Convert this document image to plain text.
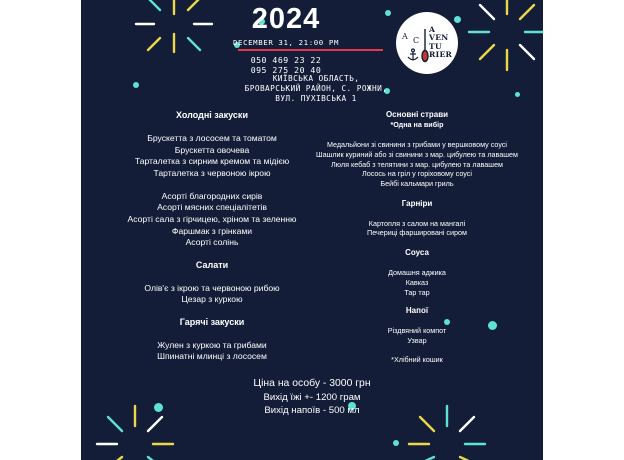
2024
DECEMBER 31, 21:00 PM
050 469 23 22
095 275 20 40
КИЇВСЬКА ОБЛАСТЬ,
БРОВАРСЬКИЙ РАЙОН, С. РОЖНИ,
ВУЛ. ПУХІВСЬКА 1
A C
A
VEN
TU
RIER
Холодні закуски
Брускетта з лососем та томатом
Брускетта овочева
Тарталетка з сирним кремом та мідією
Тарталетка з червоною ікрою
Асорті благородних сирів
Асорті мясних спеціалітетів
Асорті сала з гірчицею, хріном та зеленню
Фаршмак з грінками
Асорті солінь
Салати
Олів'є з ікрою та червоною рибою
Цезар з куркою
Гарячі закуски
Жулен з куркою та грибами
Шпинатні млинці з лососем
Основні страви
*Одна на вибір
Медальйони зі свинини з грибами у вершковому соусі
Шашлик куриний або зі свинини з мар. цибулею та лавашем
Люля кебаб з телятини з мар. цибулею та лавашем
Лосось на гріл у горіховому соусі
Бейбі кальмари гриль
Гарніри
Картопля з салом на мангалі
Печериці фаршировані сиром
Соуса
Домашня аджика
Кавказ
Тар тар
Напої
Різдвяний компот
Узвар
*Хлібний кошик
Ціна на особу - 3000 грн
Вихід їжі +- 1200 грам
Вихід напоїв - 500 мл
